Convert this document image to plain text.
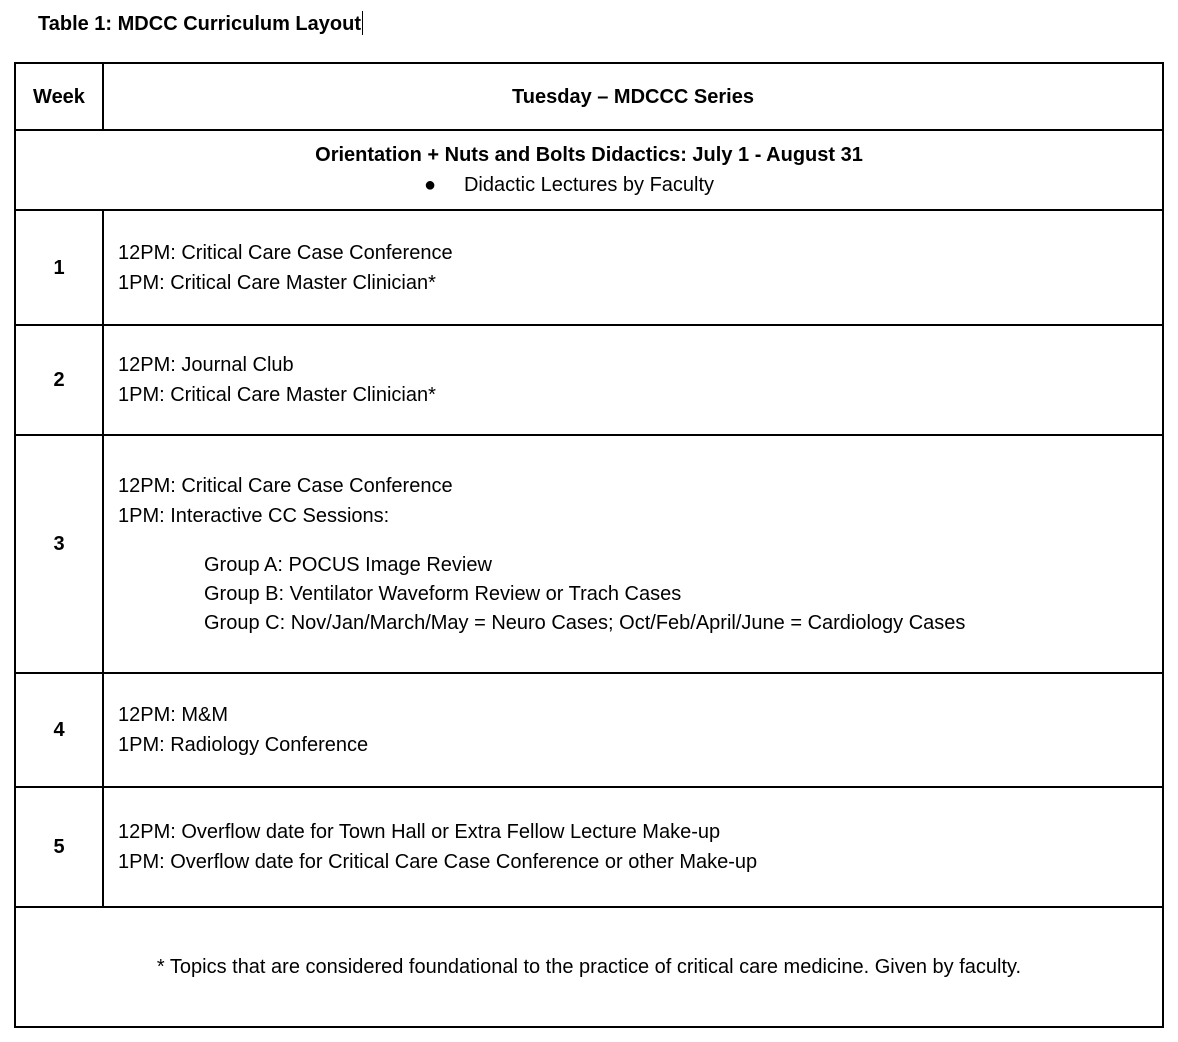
Table 1: MDCC Curriculum Layout
Week	Tuesday – MDCCC Series

Orientation + Nuts and Bolts Didactics: July 1 - August 31
● Didactic Lectures by Faculty	

1	12PM: Critical Care Case Conference
1PM: Critical Care Master Clinician*

2	12PM: Journal Club
1PM: Critical Care Master Clinician*

3	12PM: Critical Care Case Conference
1PM: Interactive CC Sessions:
Group A: POCUS Image Review
Group B: Ventilator Waveform Review or Trach Cases
Group C: Nov/Jan/March/May = Neuro Cases; Oct/Feb/April/June = Cardiology Cases

4	12PM: M&M
1PM: Radiology Conference

5	12PM: Overflow date for Town Hall or Extra Fellow Lecture Make-up
1PM: Overflow date for Critical Care Case Conference or other Make-up

* Topics that are considered foundational to the practice of critical care medicine. Given by faculty.	
